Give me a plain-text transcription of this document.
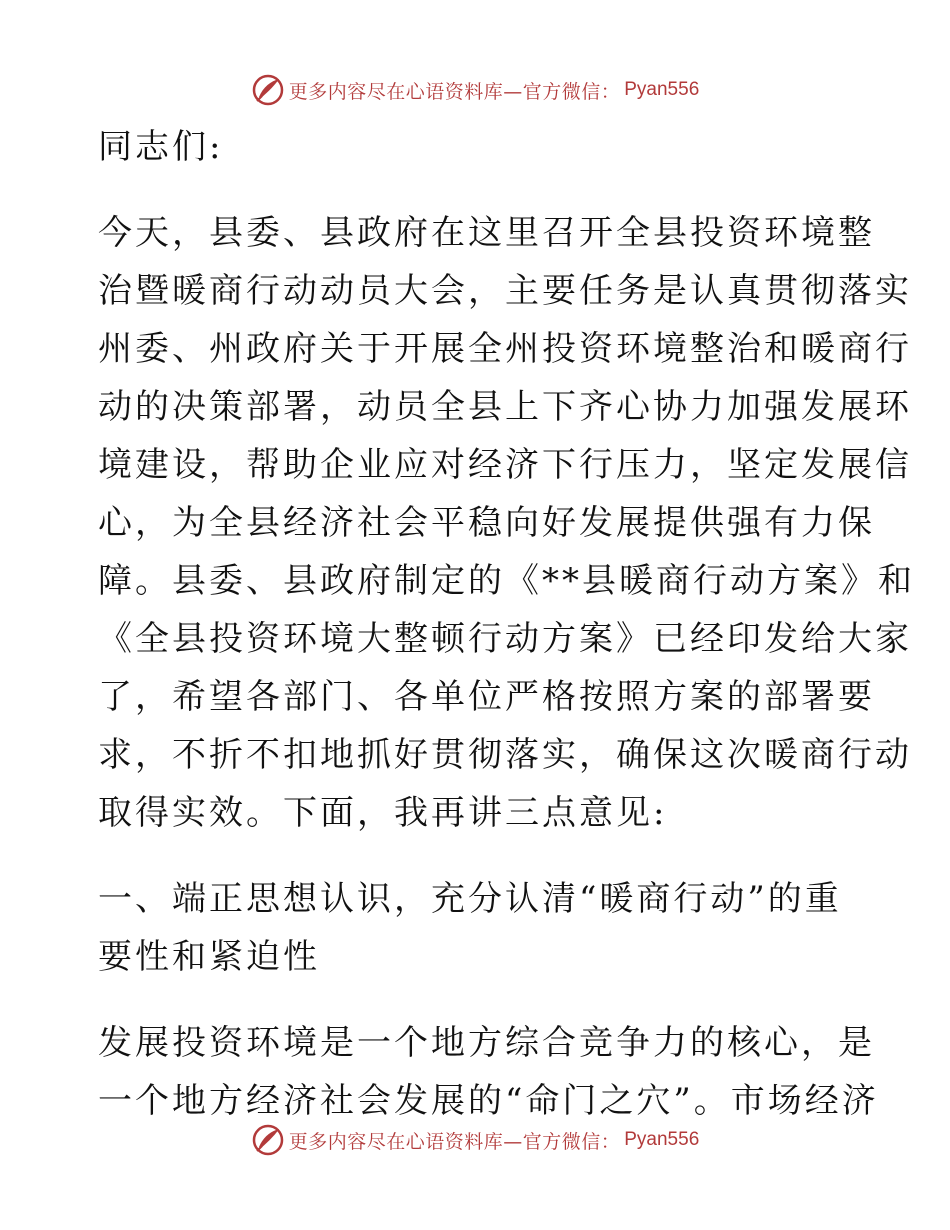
更多内容尽在心语资料库—官方微信： Pyan556
同志们:
今天，县委、县政府在这里召开全县投资环境整
治暨暖商行动动员大会，主要任务是认真贯彻落实
州委、州政府关于开展全州投资环境整治和暖商行
动的决策部署，动员全县上下齐心协力加强发展环
境建设，帮助企业应对经济下行压力，坚定发展信
心，为全县经济社会平稳向好发展提供强有力保
障。县委、县政府制定的《**县暖商行动方案》和
《全县投资环境大整顿行动方案》已经印发给大家
了，希望各部门、各单位严格按照方案的部署要
求，不折不扣地抓好贯彻落实，确保这次暖商行动
取得实效。下面，我再讲三点意见:
一、端正思想认识，充分认清“暖商行动”的重
要性和紧迫性
发展投资环境是一个地方综合竞争力的核心，是
一个地方经济社会发展的“命门之穴”。市场经济
更多内容尽在心语资料库—官方微信： Pyan556
